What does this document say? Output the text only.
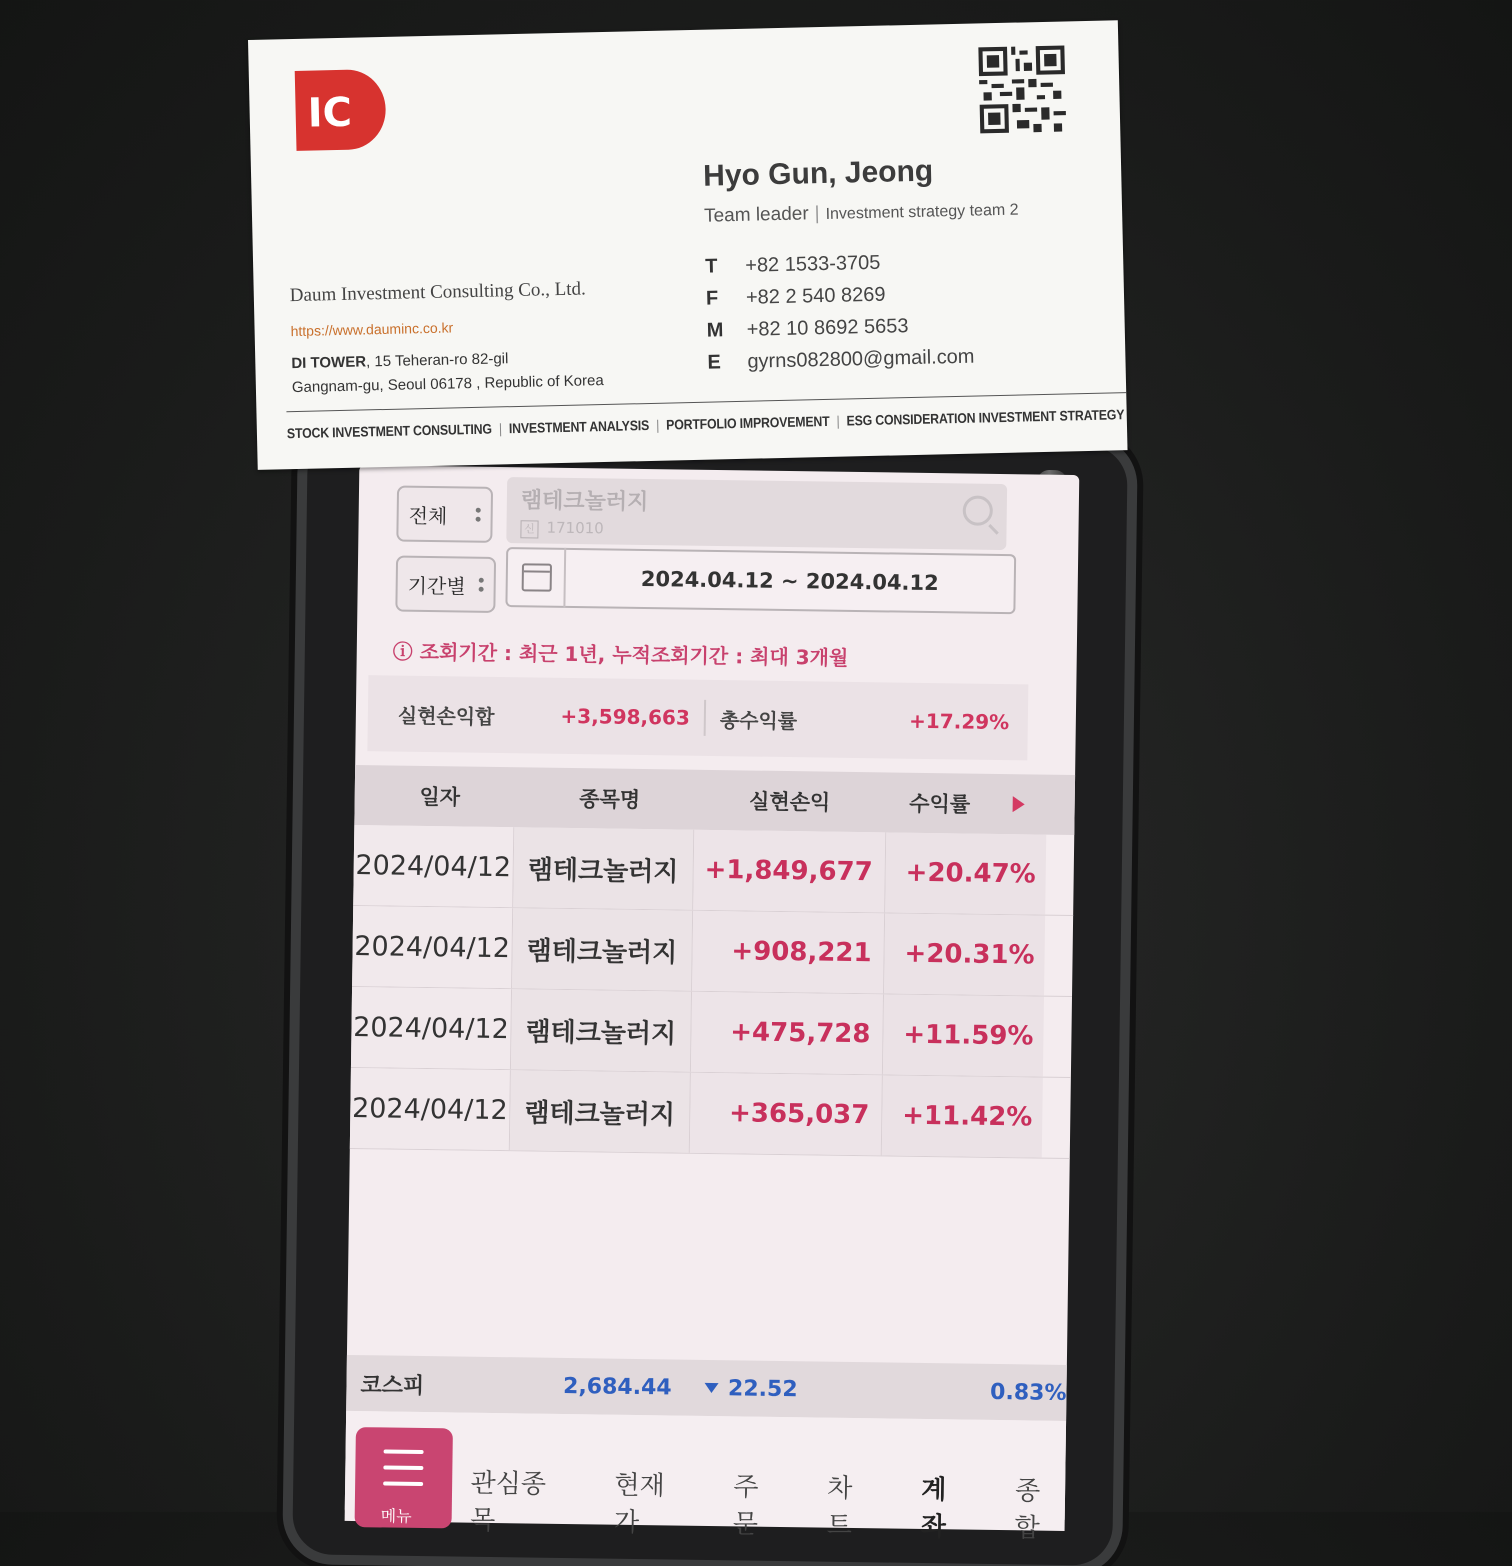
전체
램테크놀러지
신 171010
기간별	2024.04.12 ~ 2024.04.12
ⓘ 조회기간 : 최근 1년, 누적조회기간 : 최대 3개월
실현손익합	+3,598,663 총수익률	+17.29%
일자	종목명	실현손익	수익률
2024/04/12 램테크놀러지 +1,849,677	+20.47%
2024/04/12 램테크놀러지	+908,221	+20.31%
2024/04/12 램테크놀러지	+475,728	+11.59%
2024/04/12 램테크놀러지	+365,037	+11.42%
코스피	2,684.44	22.52	0.83%
메뉴
관심종목
현재가
주문
차트
계좌
종합
IC
Hyo Gun, Jeong
Team leader | Investment strategy team 2
T +82 1533-3705
F +82 2 540 8269
M +82 10 8692 5653
E gyrns082800@gmail.com
Daum Investment Consulting Co., Ltd.
https://www.dauminc.co.kr
DI TOWER, 15 Teheran-ro 82-gil
Gangnam-gu, Seoul 06178 , Republic of Korea
STOCK INVESTMENT CONSULTING | INVESTMENT ANALYSIS | PORTFOLIO IMPROVEMENT | ESG CONSIDERATION INVESTMENT STRATEGY
